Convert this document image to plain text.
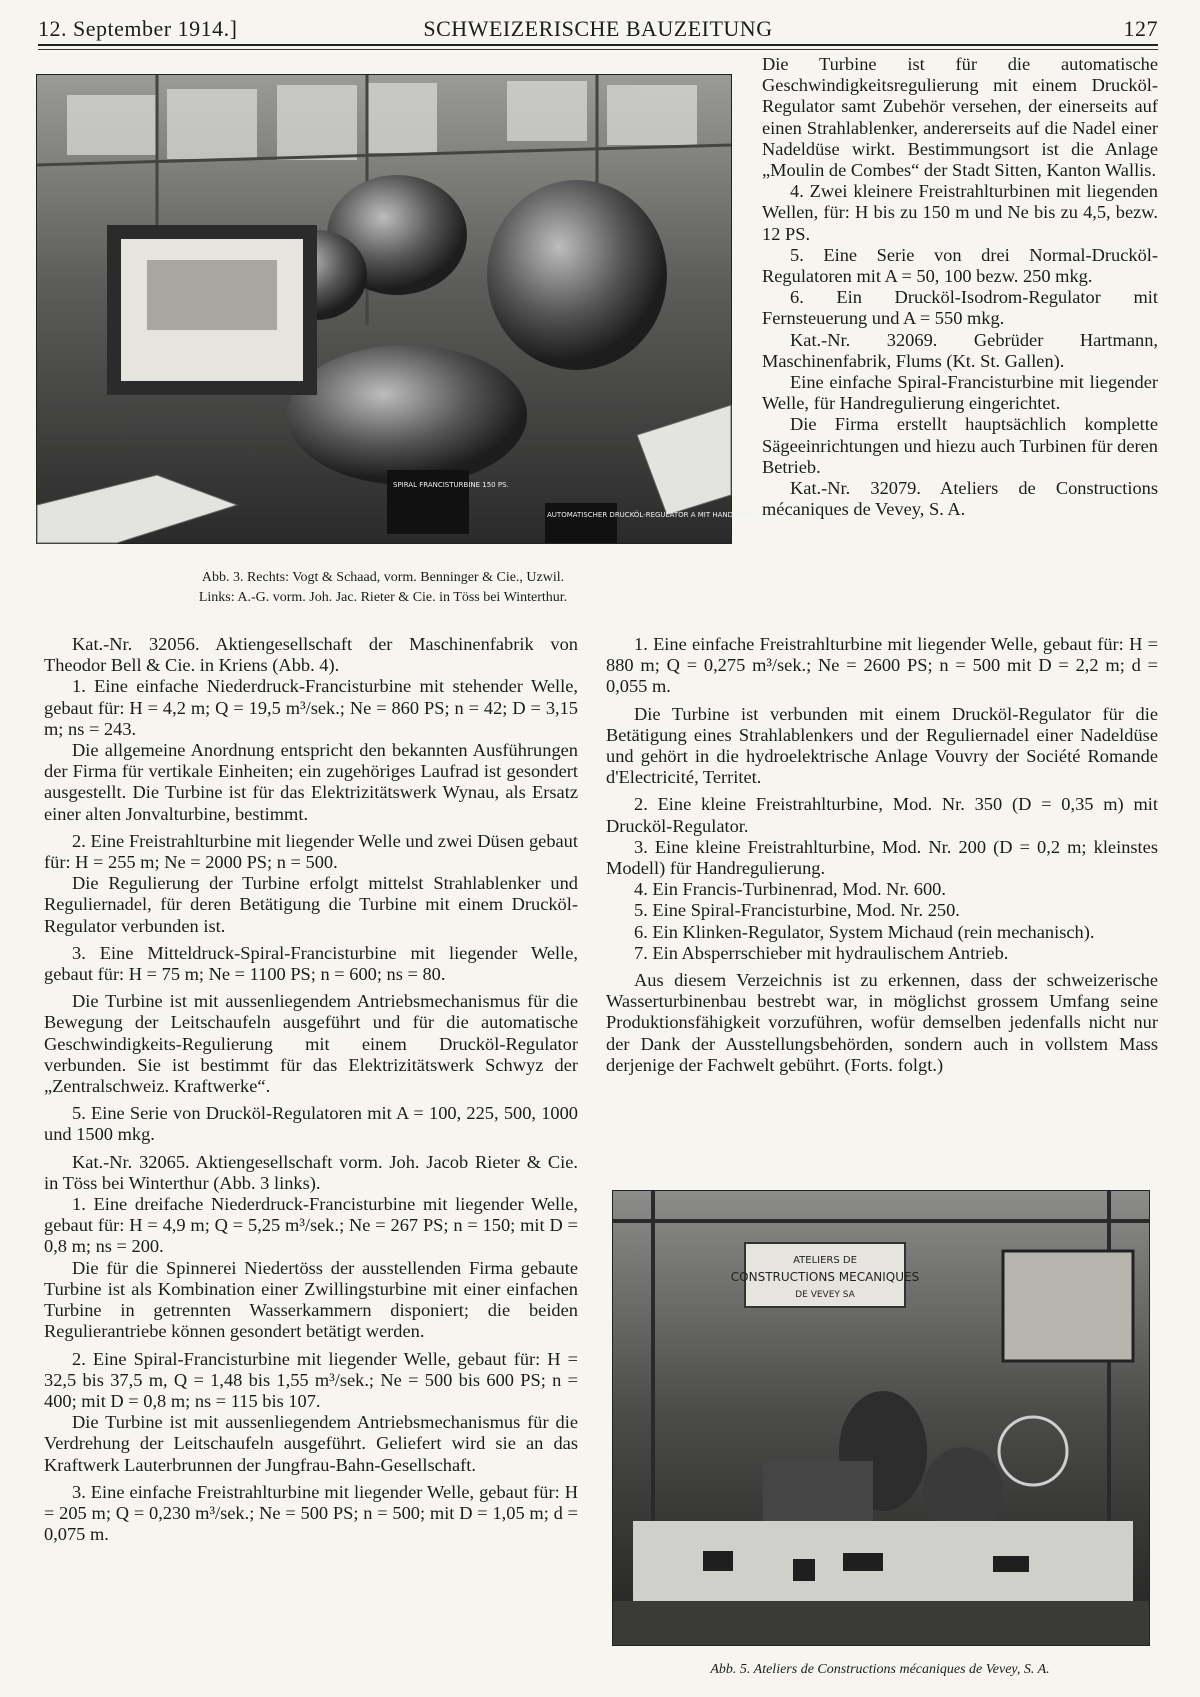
12. September 1914.]	SCHWEIZERISCHE BAUZEITUNG	127
SPIRAL FRANCISTURBINE 150 PS.
AUTOMATISCHER DRUCKÖL-REGULATOR A MIT HANDBETR. STEUERUNG
Abb. 3. Rechts: Vogt & Schaad, vorm. Benninger & Cie., Uzwil.
Links: A.-G. vorm. Joh. Jac. Rieter & Cie. in Töss bei Winterthur.

Kat.-Nr. 32056. Aktiengesellschaft der Maschinenfabrik von Theodor Bell & Cie. in Kriens (Abb. 4).

1. Eine einfache Niederdruck-Francisturbine mit stehender Welle, gebaut für: H = 4,2 m; Q = 19,5 m³/sek.; Ne = 860 PS; n = 42; D = 3,15 m; ns = 243.

Die allgemeine Anordnung entspricht den bekannten Ausführungen der Firma für vertikale Einheiten; ein zugehöriges Laufrad ist gesondert ausgestellt. Die Turbine ist für das Elektrizitätswerk Wynau, als Ersatz einer alten Jonvalturbine, bestimmt.

2. Eine Freistrahlturbine mit liegender Welle und zwei Düsen gebaut für: H = 255 m; Ne = 2000 PS; n = 500.

Die Regulierung der Turbine erfolgt mittelst Strahlablenker und Reguliernadel, für deren Betätigung die Turbine mit einem Drucköl-Regulator verbunden ist.

3. Eine Mitteldruck-Spiral-Francisturbine mit liegender Welle, gebaut für: H = 75 m; Ne = 1100 PS; n = 600; ns = 80.

Die Turbine ist mit aussenliegendem Antriebsmechanismus für die Bewegung der Leitschaufeln ausgeführt und für die automatische Geschwindigkeits-Regulierung mit einem Drucköl-Regulator verbunden. Sie ist bestimmt für das Elektrizitätswerk Schwyz der „Zentralschweiz. Kraftwerke“.

5. Eine Serie von Drucköl-Regulatoren mit A = 100, 225, 500, 1000 und 1500 mkg.

Kat.-Nr. 32065. Aktiengesellschaft vorm. Joh. Jacob Rieter & Cie. in Töss bei Winterthur (Abb. 3 links).

1. Eine dreifache Niederdruck-Francisturbine mit liegender Welle, gebaut für: H = 4,9 m; Q = 5,25 m³/sek.; Ne = 267 PS; n = 150; mit D = 0,8 m; ns = 200.

Die für die Spinnerei Niedertöss der ausstellenden Firma gebaute Turbine ist als Kombination einer Zwillingsturbine mit einer einfachen Turbine in getrennten Wasserkammern disponiert; die beiden Regulierantriebe können gesondert betätigt werden.

2. Eine Spiral-Francisturbine mit liegender Welle, gebaut für: H = 32,5 bis 37,5 m, Q = 1,48 bis 1,55 m³/sek.; Ne = 500 bis 600 PS; n = 400; mit D = 0,8 m; ns = 115 bis 107.

Die Turbine ist mit aussenliegendem Antriebsmechanismus für die Verdrehung der Leitschaufeln ausgeführt. Geliefert wird sie an das Kraftwerk Lauterbrunnen der Jungfrau-Bahn-Gesellschaft.

3. Eine einfache Freistrahlturbine mit liegender Welle, gebaut für: H = 205 m; Q = 0,230 m³/sek.; Ne = 500 PS; n = 500; mit D = 1,05 m; d = 0,075 m.

Die Turbine ist für die automatische Geschwindigkeitsregulierung mit einem Drucköl-Regulator samt Zubehör versehen, der einerseits auf einen Strahlablenker, andererseits auf die Nadel einer Nadeldüse wirkt. Bestimmungsort ist die Anlage „Moulin de Combes“ der Stadt Sitten, Kanton Wallis.

4. Zwei kleinere Freistrahlturbinen mit liegenden Wellen, für: H bis zu 150 m und Ne bis zu 4,5, bezw. 12 PS.

5. Eine Serie von drei Normal-Drucköl-Regulatoren mit A = 50, 100 bezw. 250 mkg.

6. Ein Drucköl-Isodrom-Regulator mit Fernsteuerung und A = 550 mkg.

Kat.-Nr. 32069. Gebrüder Hartmann, Maschinenfabrik, Flums (Kt. St. Gallen).

Eine einfache Spiral-Francisturbine mit liegender Welle, für Handregulierung eingerichtet.

Die Firma erstellt hauptsächlich komplette Sägeeinrichtungen und hiezu auch Turbinen für deren Betrieb.

Kat.-Nr. 32079. Ateliers de Constructions mécaniques de Vevey, S. A.

1. Eine einfache Freistrahlturbine mit liegender Welle, gebaut für: H = 880 m; Q = 0,275 m³/sek.; Ne = 2600 PS; n = 500 mit D = 2,2 m; d = 0,055 m.

Die Turbine ist verbunden mit einem Drucköl-Regulator für die Betätigung eines Strahlablenkers und der Reguliernadel einer Nadeldüse und gehört in die hydroelektrische Anlage Vouvry der Société Romande d'Electricité, Territet.

2. Eine kleine Freistrahlturbine, Mod. Nr. 350 (D = 0,35 m) mit Drucköl-Regulator.

3. Eine kleine Freistrahlturbine, Mod. Nr. 200 (D = 0,2 m; kleinstes Modell) für Handregulierung.

4. Ein Francis-Turbinenrad, Mod. Nr. 600.

5. Eine Spiral-Francisturbine, Mod. Nr. 250.

6. Ein Klinken-Regulator, System Michaud (rein mechanisch).

7. Ein Absperrschieber mit hydraulischem Antrieb.

Aus diesem Verzeichnis ist zu erkennen, dass der schweizerische Wasserturbinenbau bestrebt war, in möglichst grossem Umfang seine Produktionsfähigkeit vorzuführen, wofür demselben jedenfalls nicht nur der Dank der Ausstellungsbehörden, sondern auch in vollstem Mass derjenige der Fachwelt gebührt. (Forts. folgt.)

ATELIERS DE
CONSTRUCTIONS MECANIQUES
DE VEVEY SA
Abb. 5. Ateliers de Constructions mécaniques de Vevey, S. A.
